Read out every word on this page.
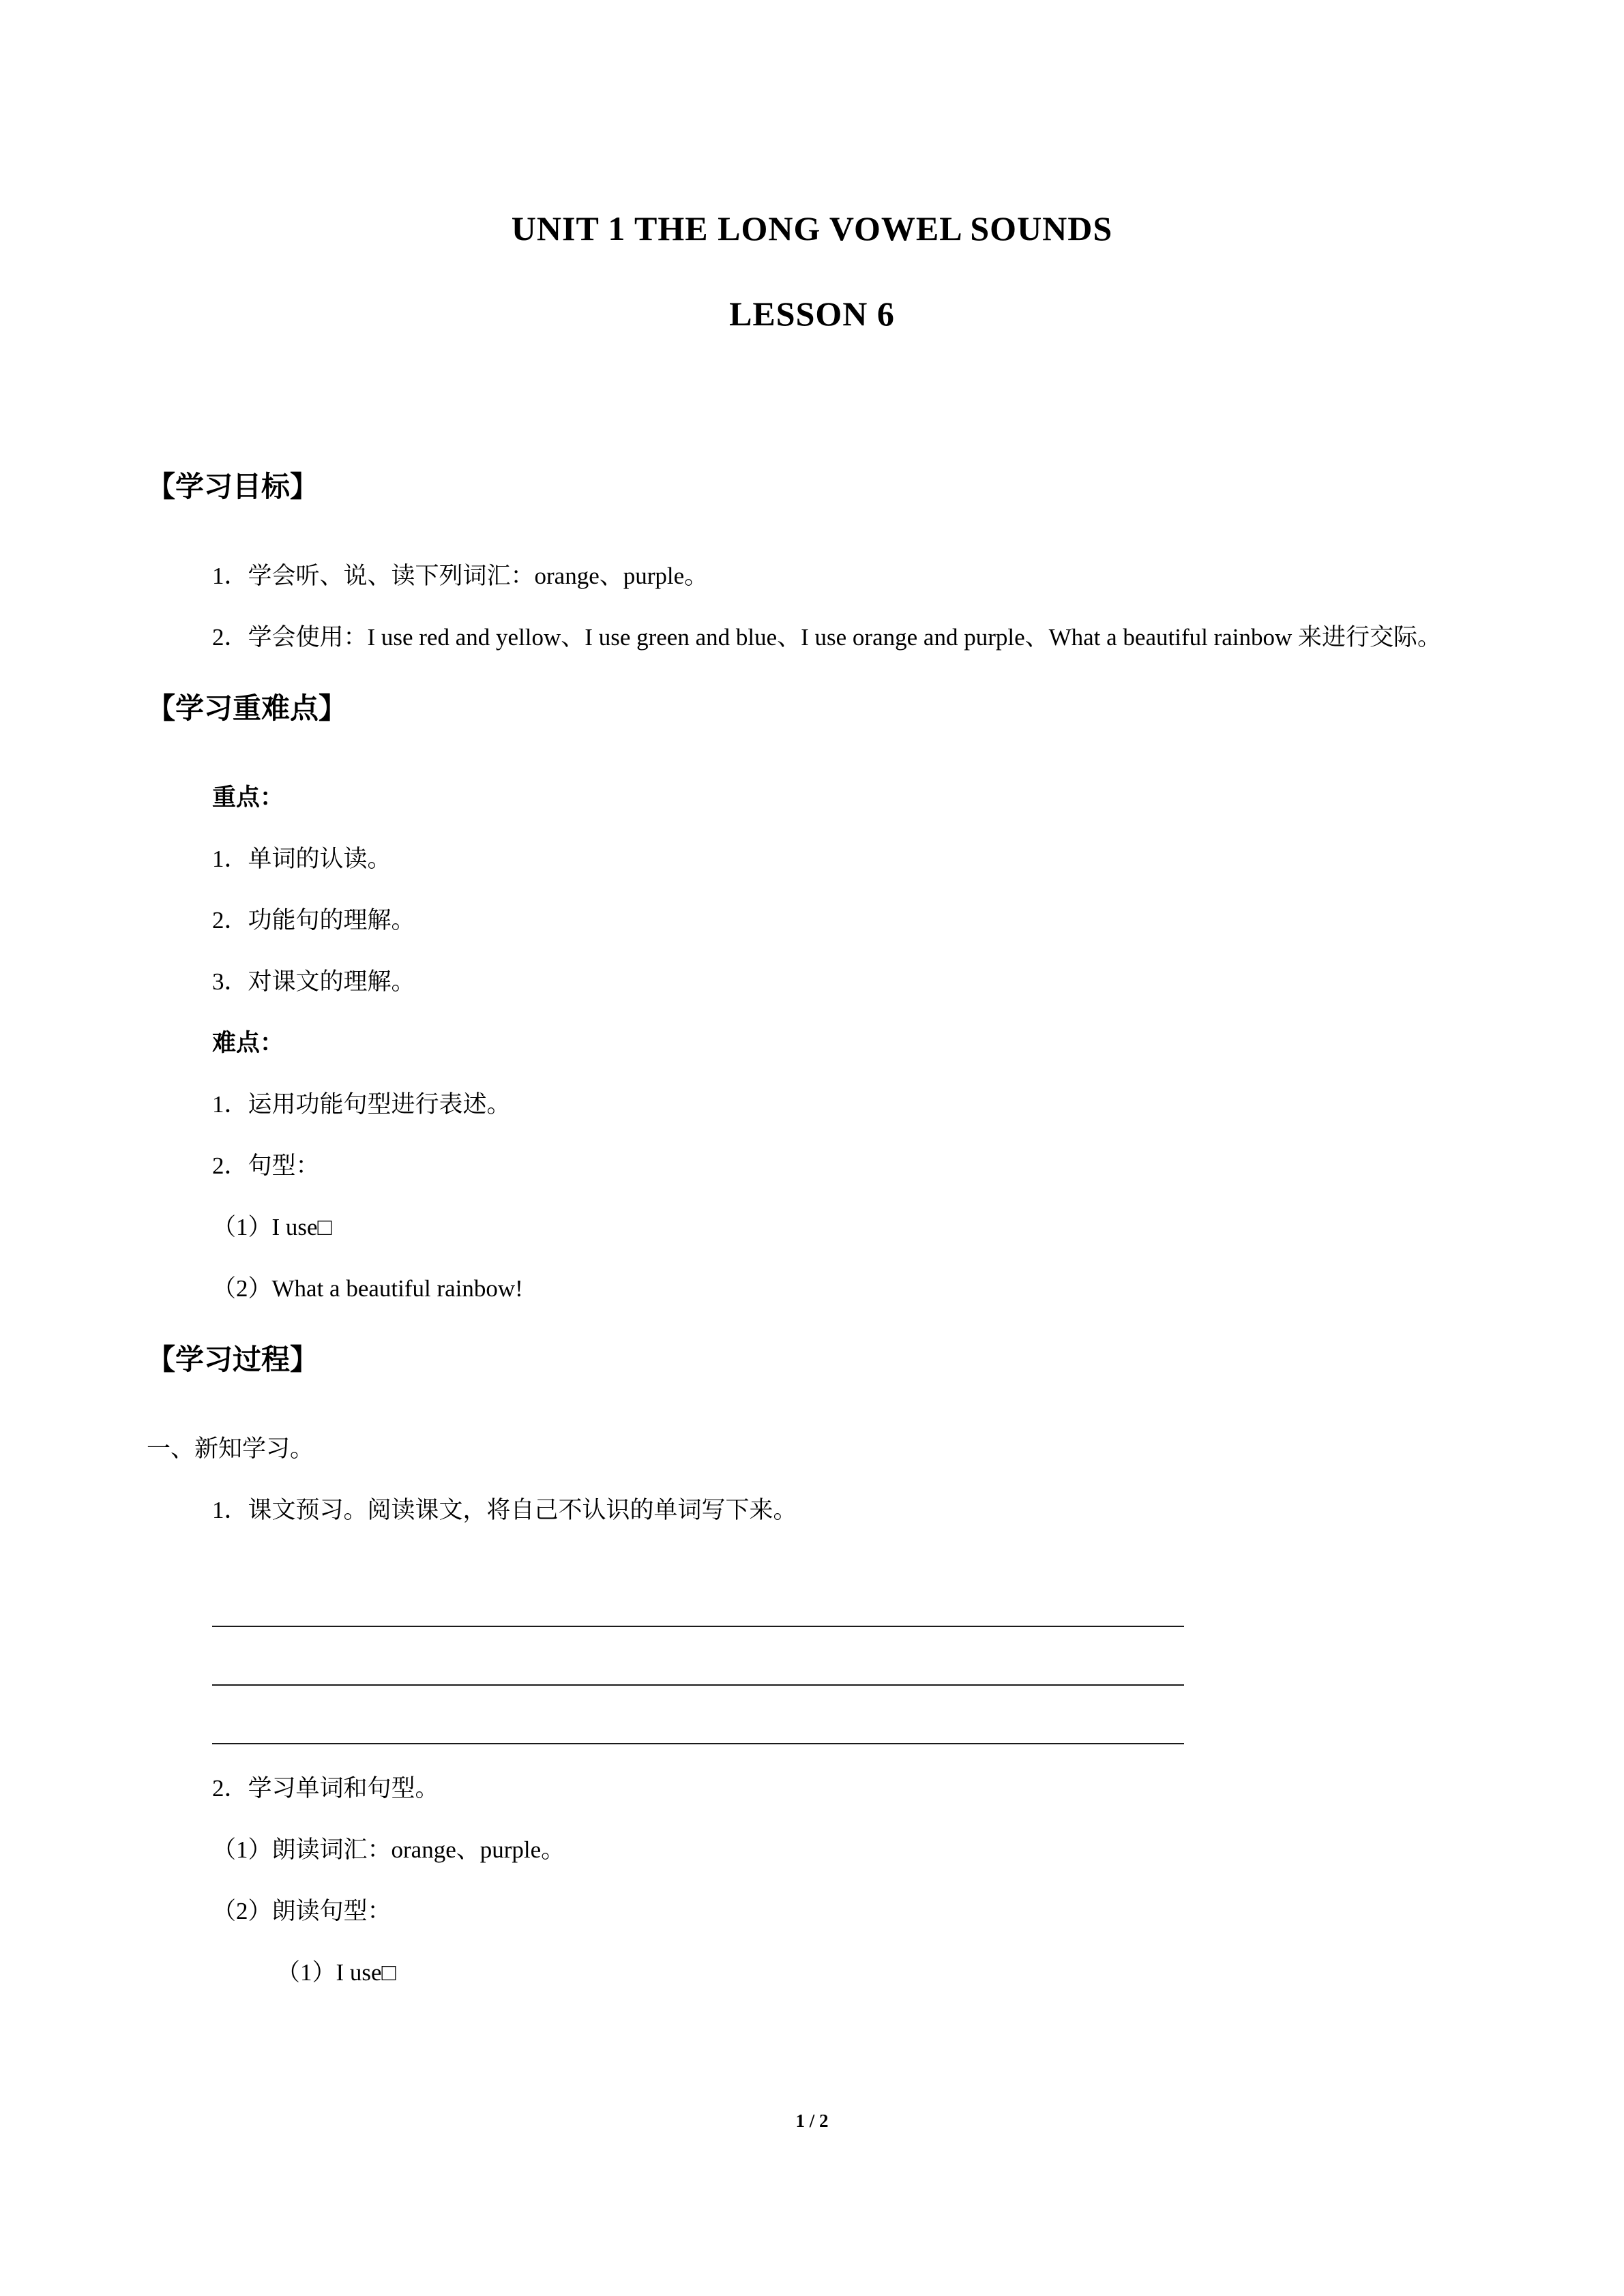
UNIT 1 THE LONG VOWEL SOUNDS
LESSON 6
【学习目标】

1．学会听、说、读下列词汇：orange、purple。

2．学会使用：I use red and yellow、I use green and blue、I use orange and purple、What a beautiful rainbow 来进行交际。

【学习重难点】

重点：

1．单词的认读。

2．功能句的理解。

3．对课文的理解。

难点：

1．运用功能句型进行表述。

2．句型：

（1）I use□

（2）What a beautiful rainbow!

【学习过程】

一、新知学习。

1．课文预习。阅读课文，将自己不认识的单词写下来。

2．学习单词和句型。

（1）朗读词汇：orange、purple。

（2）朗读句型：

（1）I use□

1 / 2
